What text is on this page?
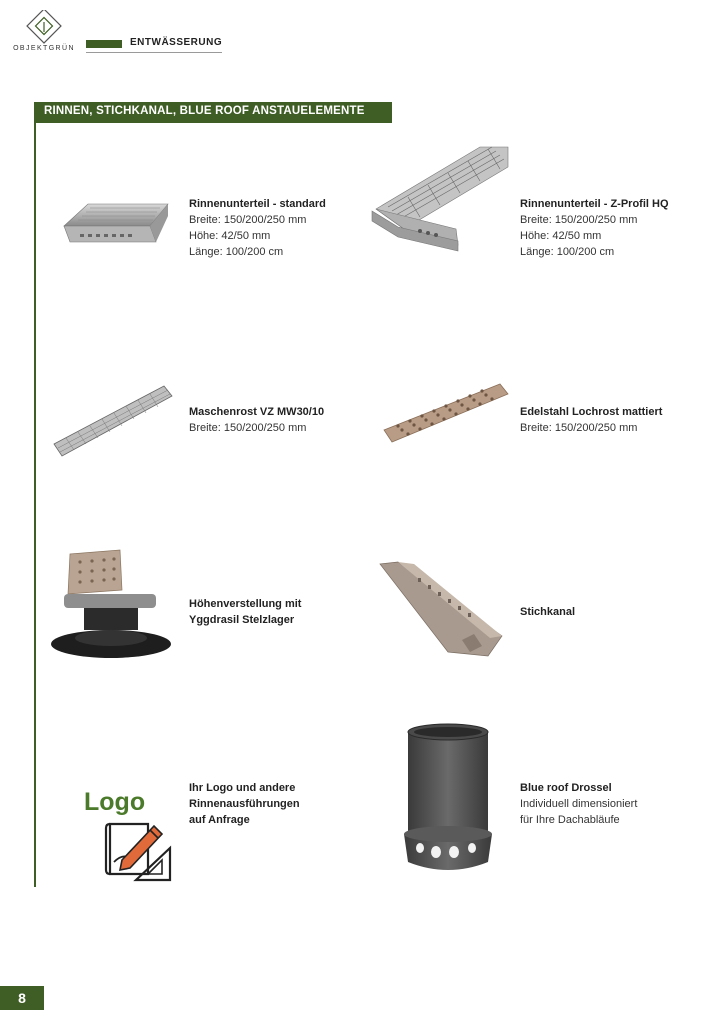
OBJEKTGRÜN
ENTWÄSSERUNG
RINNEN, STICHKANAL, BLUE ROOF ANSTAUELEMENTE
Rinnenunterteil - standard
Breite: 150/200/250 mm
Höhe: 42/50 mm
Länge: 100/200 cm
Rinnenunterteil - Z-Profil HQ
Breite: 150/200/250 mm
Höhe: 42/50 mm
Länge: 100/200 cm
Maschenrost VZ MW30/10
Breite: 150/200/250 mm
Edelstahl Lochrost mattiert
Breite: 150/200/250 mm
Höhenverstellung mit
Yggdrasil Stelzlager
Stichkanal
Logo	Ihr Logo und andere
Rinnenausführungen
auf Anfrage
Blue roof Drossel
Individuell dimensioniert
für Ihre Dachabläufe
8
